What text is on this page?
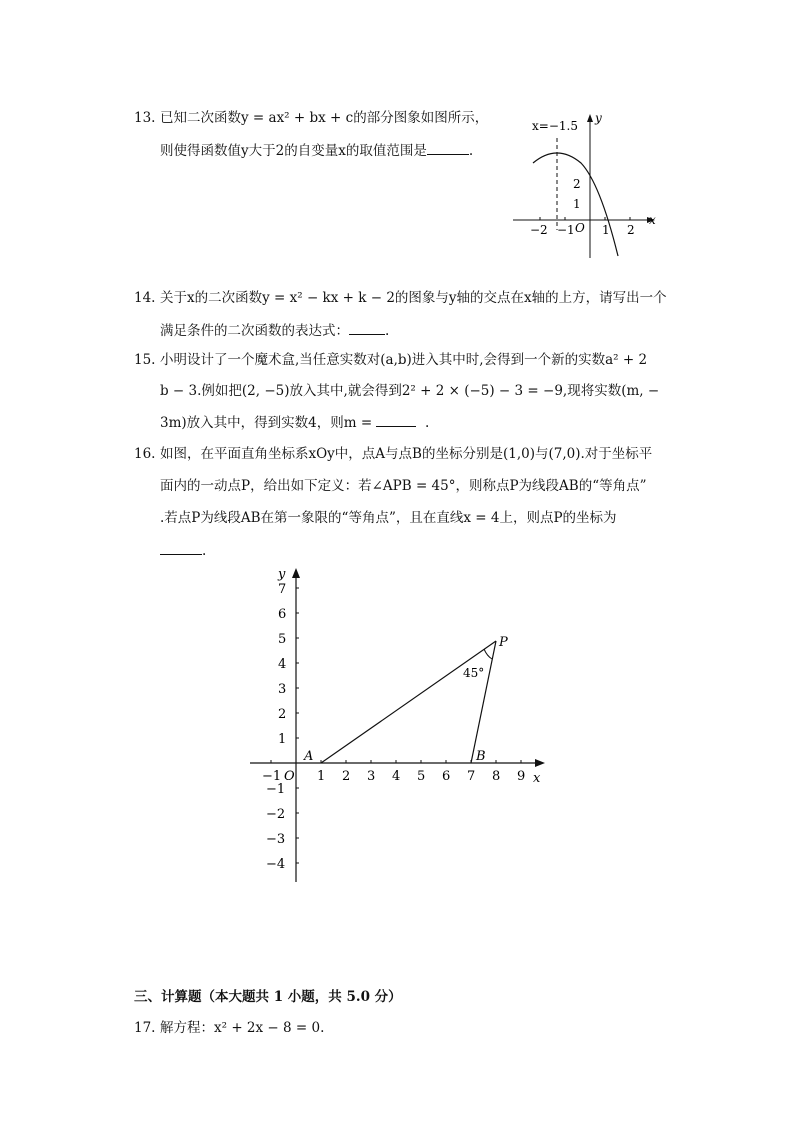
13. 已知二次函数y = ax² + bx + c的部分图象如图所示，
则使得函数值y大于2的自变量x的取值范围是	.
x=−1.5
y
x
O
−2 −1 1 2
2
1
14. 关于x的二次函数y = x² − kx + k − 2的图象与y轴的交点在x轴的上方，请写出一个
满足条件的二次函数的表达式：	.
15. 小明设计了一个魔术盒,当任意实数对(a,b)进入其中时,会得到一个新的实数a² + 2
b − 3.例如把(2, −5)放入其中,就会得到2² + 2 × (−5) − 3 = −9,现将实数(m, −
3m)放入其中，得到实数4，则m =	.
16. 如图，在平面直角坐标系xOy中，点A与点B的坐标分别是(1,0)与(7,0).对于坐标平
面内的一动点P，给出如下定义：若∠APB = 45°，则称点P为线段AB的“等角点”
.若点P为线段AB在第一象限的“等角点”，且在直线x = 4上，则点P的坐标为
.
−1	1 2 3 4 5 6 7 8 9
1
2
3
4
5
6
7
−1
−2
−3
−4
O
y
x
A	B
P
45°
三、计算题（本大题共 1 小题，共 5.0 分）
17. 解方程：x² + 2x − 8 = 0.
